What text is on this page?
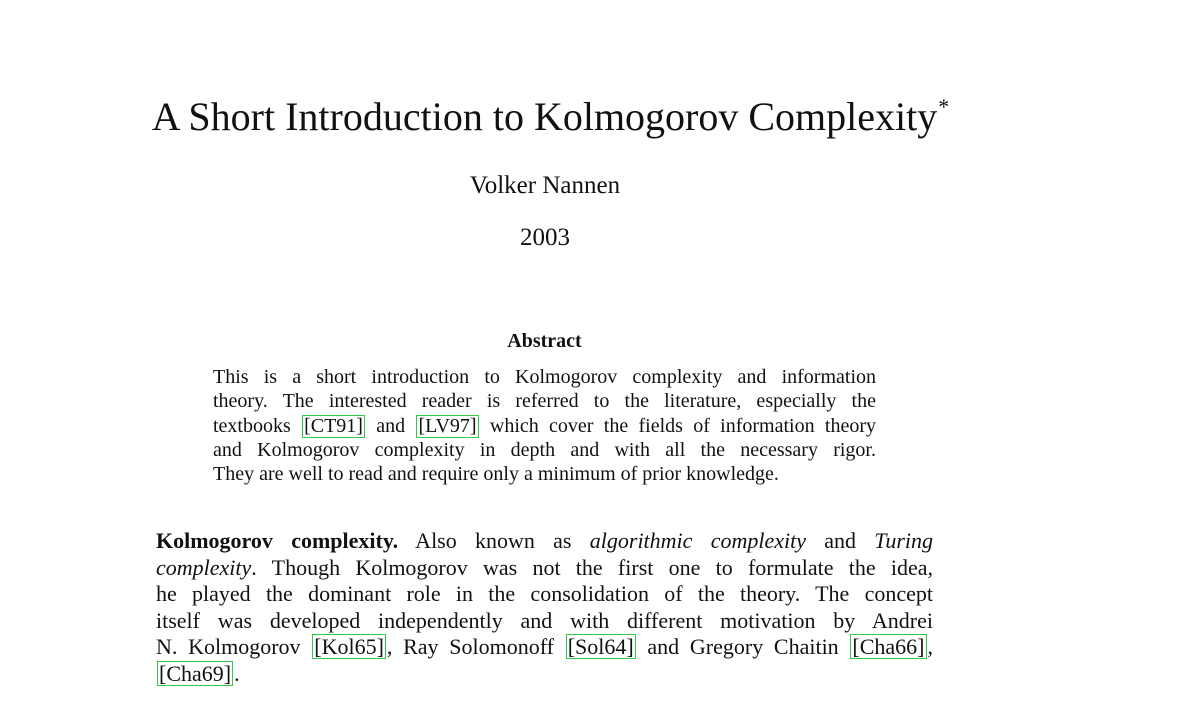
A Short Introduction to Kolmogorov Complexity*
Volker Nannen
2003
Abstract
This is a short introduction to Kolmogorov complexity and information
theory. The interested reader is referred to the literature, especially the
textbooks [CT91] and [LV97] which cover the fields of information theory
and Kolmogorov complexity in depth and with all the necessary rigor.
They are well to read and require only a minimum of prior knowledge.
Kolmogorov complexity. Also known as algorithmic complexity and Turing
complexity. Though Kolmogorov was not the first one to formulate the idea,
he played the dominant role in the consolidation of the theory. The concept
itself was developed independently and with different motivation by Andrei
N. Kolmogorov [Kol65] , Ray Solomonoff [Sol64] and Gregory Chaitin [Cha66] ,
[Cha69] .
